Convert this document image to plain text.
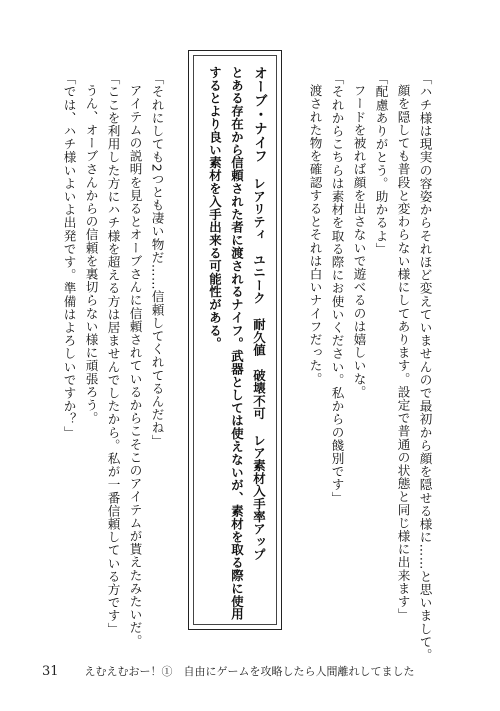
「ハチ様は現実の容姿からそれほど変えていませんので最初から顔を隠せる様に……と思いまして。
顔を隠しても普段と変わらない様にしてあります。設定で普通の状態と同じ様に出来ます」
「配慮ありがとう。助かるよ」
フードを被れば顔を出さないで遊べるのは嬉しいな。
「それからこちらは素材を取る際にお使いください。私からの餞別です」
渡された物を確認するとそれは白いナイフだった。
オーブ・ナイフレアリティ　ユニーク耐久値　破壊不可レア素材入手率アップ
とある存在から信頼された者に渡されるナイフ。武器としては使えないが、素材を取る際に使用
するとより良い素材を入手出来る可能性がある。
「それにしても2つとも凄い物だ……信頼してくれてるんだね」
アイテムの説明を見るとオーブさんに信頼されているからこそこのアイテムが貰えたみたいだ。
「ここを利用した方にハチ様を超える方は居ませんでしたから。私が一番信頼している方です」
うん、オーブさんからの信頼を裏切らない様に頑張ろう。
「では、ハチ様いよいよ出発です。準備はよろしいですか？」
31 えむえむおー！①　自由にゲームを攻略したら人間離れしてました
